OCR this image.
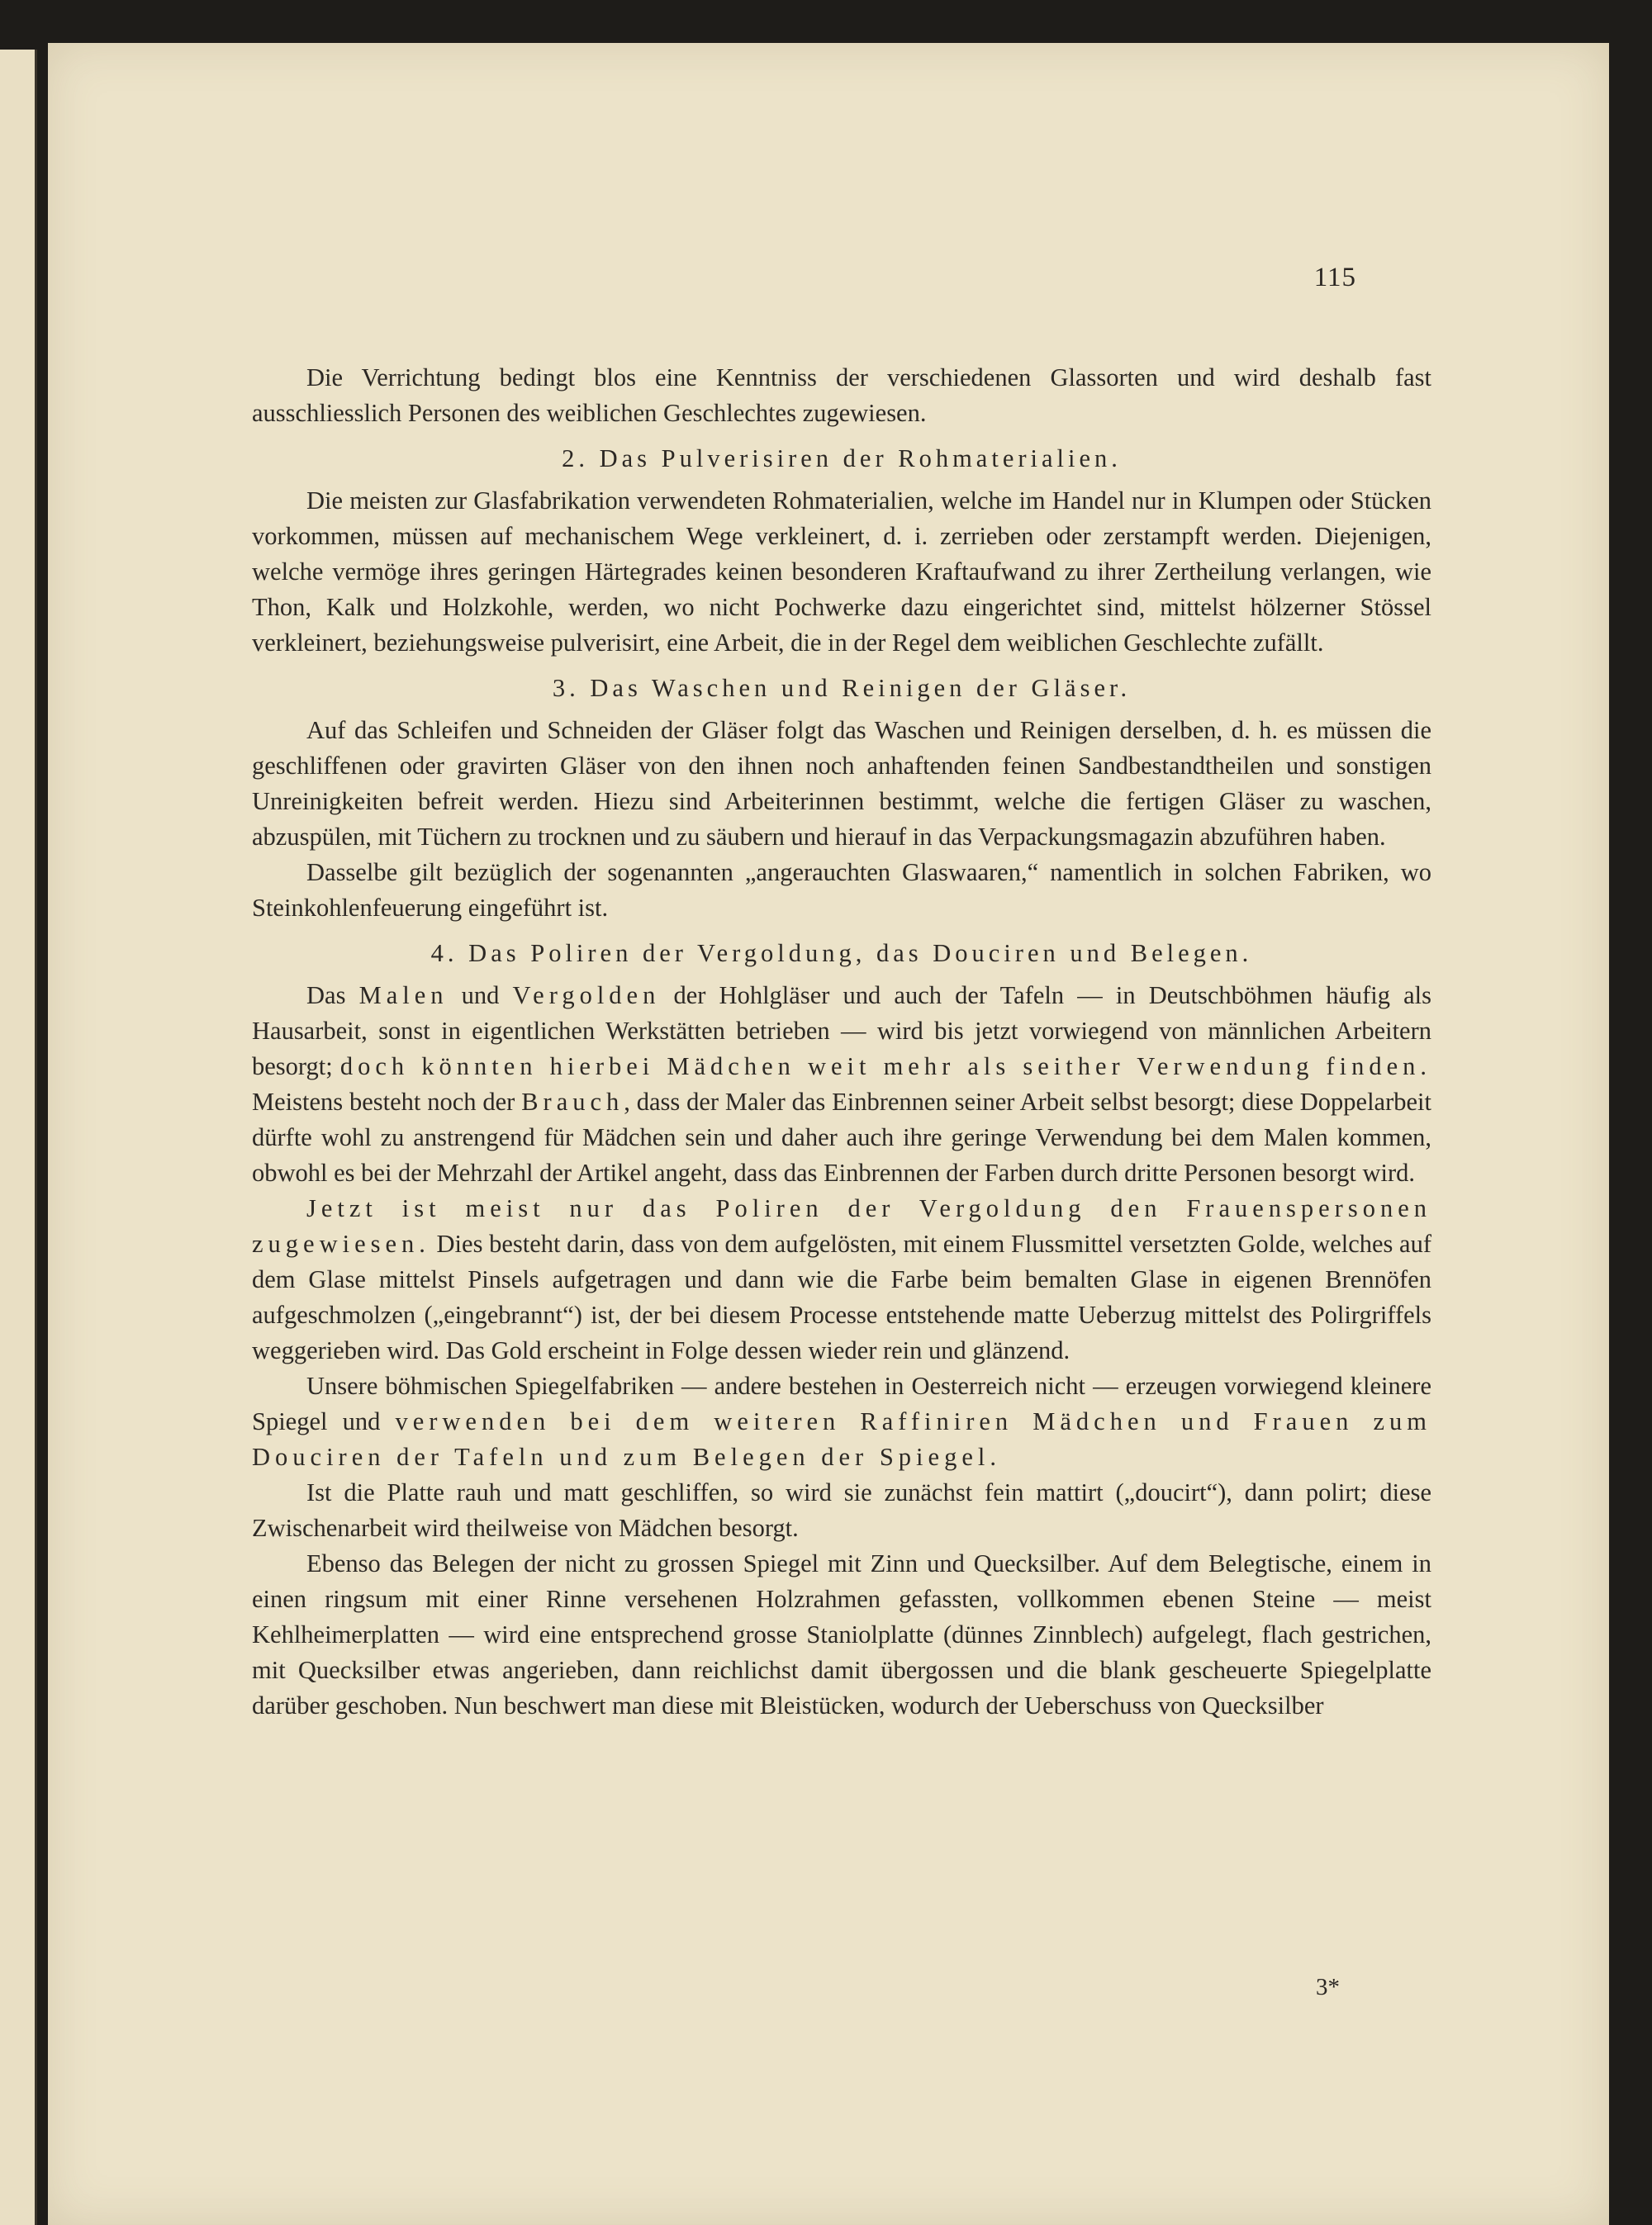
115

Die Verrichtung bedingt blos eine Kenntniss der verschiedenen Glassorten und wird deshalb fast ausschliesslich Personen des weiblichen Geschlechtes zugewiesen.

2. Das Pulverisiren der Rohmaterialien.

Die meisten zur Glasfabrikation verwendeten Rohmaterialien, welche im Handel nur in Klumpen oder Stücken vorkommen, müssen auf mechanischem Wege verkleinert, d. i. zerrieben oder zerstampft werden. Diejenigen, welche vermöge ihres geringen Härtegrades keinen besonderen Kraftaufwand zu ihrer Zertheilung verlangen, wie Thon, Kalk und Holzkohle, werden, wo nicht Pochwerke dazu eingerichtet sind, mittelst hölzerner Stössel verkleinert, beziehungsweise pulverisirt, eine Arbeit, die in der Regel dem weiblichen Geschlechte zufällt.

3. Das Waschen und Reinigen der Gläser.

Auf das Schleifen und Schneiden der Gläser folgt das Waschen und Reinigen derselben, d. h. es müssen die geschliffenen oder gravirten Gläser von den ihnen noch anhaftenden feinen Sandbestandtheilen und sonstigen Unreinigkeiten befreit werden. Hiezu sind Arbeiterinnen bestimmt, welche die fertigen Gläser zu waschen, abzuspülen, mit Tüchern zu trocknen und zu säubern und hierauf in das Verpackungsmagazin abzuführen haben.

Dasselbe gilt bezüglich der sogenannten „angerauchten Glaswaaren,“ namentlich in solchen Fabriken, wo Steinkohlenfeuerung eingeführt ist.

4. Das Poliren der Vergoldung, das Douciren und Belegen.

Das Malen und Vergolden der Hohlgläser und auch der Tafeln — in Deutschböhmen häufig als Hausarbeit, sonst in eigentlichen Werkstätten betrieben — wird bis jetzt vorwiegend von männlichen Arbeitern besorgt; doch könnten hierbei Mädchen weit mehr als seither Verwendung finden. Meistens besteht noch der Brauch, dass der Maler das Einbrennen seiner Arbeit selbst besorgt; diese Doppelarbeit dürfte wohl zu anstrengend für Mädchen sein und daher auch ihre geringe Verwendung bei dem Malen kommen, obwohl es bei der Mehrzahl der Artikel angeht, dass das Einbrennen der Farben durch dritte Personen besorgt wird.

Jetzt ist meist nur das Poliren der Vergoldung den Frauenspersonen zugewiesen. Dies besteht darin, dass von dem aufgelösten, mit einem Flussmittel versetzten Golde, welches auf dem Glase mittelst Pinsels aufgetragen und dann wie die Farbe beim bemalten Glase in eigenen Brennöfen aufgeschmolzen („eingebrannt“) ist, der bei diesem Processe entstehende matte Ueberzug mittelst des Polirgriffels weggerieben wird. Das Gold erscheint in Folge dessen wieder rein und glänzend.

Unsere böhmischen Spiegelfabriken — andere bestehen in Oesterreich nicht — erzeugen vorwiegend kleinere Spiegel und verwenden bei dem weiteren Raffiniren Mädchen und Frauen zum Douciren der Tafeln und zum Belegen der Spiegel.

Ist die Platte rauh und matt geschliffen, so wird sie zunächst fein mattirt („doucirt“), dann polirt; diese Zwischenarbeit wird theilweise von Mädchen besorgt.

Ebenso das Belegen der nicht zu grossen Spiegel mit Zinn und Quecksilber. Auf dem Belegtische, einem in einen ringsum mit einer Rinne versehenen Holzrahmen gefassten, vollkommen ebenen Steine — meist Kehlheimerplatten — wird eine entsprechend grosse Staniolplatte (dünnes Zinnblech) aufgelegt, flach gestrichen, mit Quecksilber etwas angerieben, dann reichlichst damit übergossen und die blank gescheuerte Spiegelplatte darüber geschoben. Nun beschwert man diese mit Bleistücken, wodurch der Ueberschuss von Quecksilber

3*
